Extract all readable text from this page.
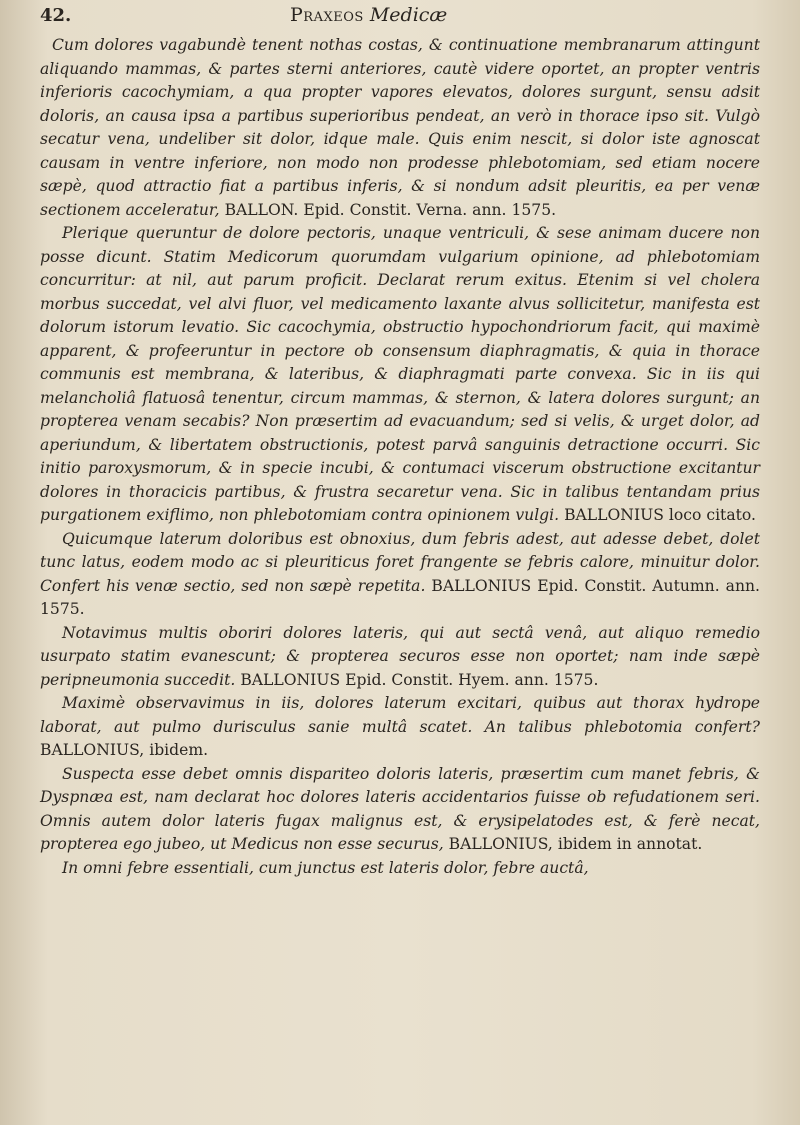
42.	Praxeos Medicæ

Cum dolores vagabundè tenent nothas costas, & continuatione membranarum attingunt aliquando mammas, & partes sterni anteriores, cautè videre oportet, an propter ventris inferioris cacochymiam, a qua propter vapores elevatos, dolores surgunt, sensu adsit doloris, an causa ipsa a partibus superioribus pendeat, an verò in thorace ipso sit. Vulgò secatur vena, undeliber sit dolor, idque male. Quis enim nescit, si dolor iste agnoscat causam in ventre inferiore, non modo non prodesse phlebotomiam, sed etiam nocere sæpè, quod attractio fiat a partibus inferis, & si nondum adsit pleuritis, ea per venæ sectionem acceleratur, BALLON. Epid. Constit. Verna. ann. 1575.

Plerique queruntur de dolore pectoris, unaque ventriculi, & sese animam ducere non posse dicunt. Statim Medicorum quorumdam vulgarium opinione, ad phlebotomiam concurritur: at nil, aut parum proficit. Declarat rerum exitus. Etenim si vel cholera morbus succedat, vel alvi fluor, vel medicamento laxante alvus sollicitetur, manifesta est dolorum istorum levatio. Sic cacochymia, obstructio hypochondriorum facit, qui maximè apparent, & profeeruntur in pectore ob consensum diaphragmatis, & quia in thorace communis est membrana, & lateribus, & diaphragmati parte convexa. Sic in iis qui melancholiâ flatuosâ tenentur, circum mammas, & sternon, & latera dolores surgunt; an propterea venam secabis? Non præsertim ad evacuandum; sed si velis, & urget dolor, ad aperiundum, & libertatem obstructionis, potest parvâ sanguinis detractione occurri. Sic initio paroxysmorum, & in specie incubi, & contumaci viscerum obstructione excitantur dolores in thoracicis partibus, & frustra secaretur vena. Sic in talibus tentandam prius purgationem exiflimo, non phlebotomiam contra opinionem vulgi. BALLONIUS loco citato.

Quicumque laterum doloribus est obnoxius, dum febris adest, aut adesse debet, dolet tunc latus, eodem modo ac si pleuriticus foret frangente se febris calore, minuitur dolor. Confert his venæ sectio, sed non sæpè repetita. BALLONIUS Epid. Constit. Autumn. ann. 1575.

Notavimus multis oboriri dolores lateris, qui aut sectâ venâ, aut aliquo remedio usurpato statim evanescunt; & propterea securos esse non oportet; nam inde sæpè peripneumonia succedit. BALLONIUS Epid. Constit. Hyem. ann. 1575.

Maximè observavimus in iis, dolores laterum excitari, quibus aut thorax hydrope laborat, aut pulmo durisculus sanie multâ scatet. An talibus phlebotomia confert? BALLONIUS, ibidem.

Suspecta esse debet omnis dispariteo doloris lateris, præsertim cum manet febris, & Dyspnæa est, nam declarat hoc dolores lateris accidentarios fuisse ob refudationem seri. Omnis autem dolor lateris fugax malignus est, & erysipelatodes est, & ferè necat, propterea ego jubeo, ut Medicus non esse securus, BALLONIUS, ibidem in annotat.

In omni febre essentiali, cum junctus est lateris dolor, febre auctâ,
